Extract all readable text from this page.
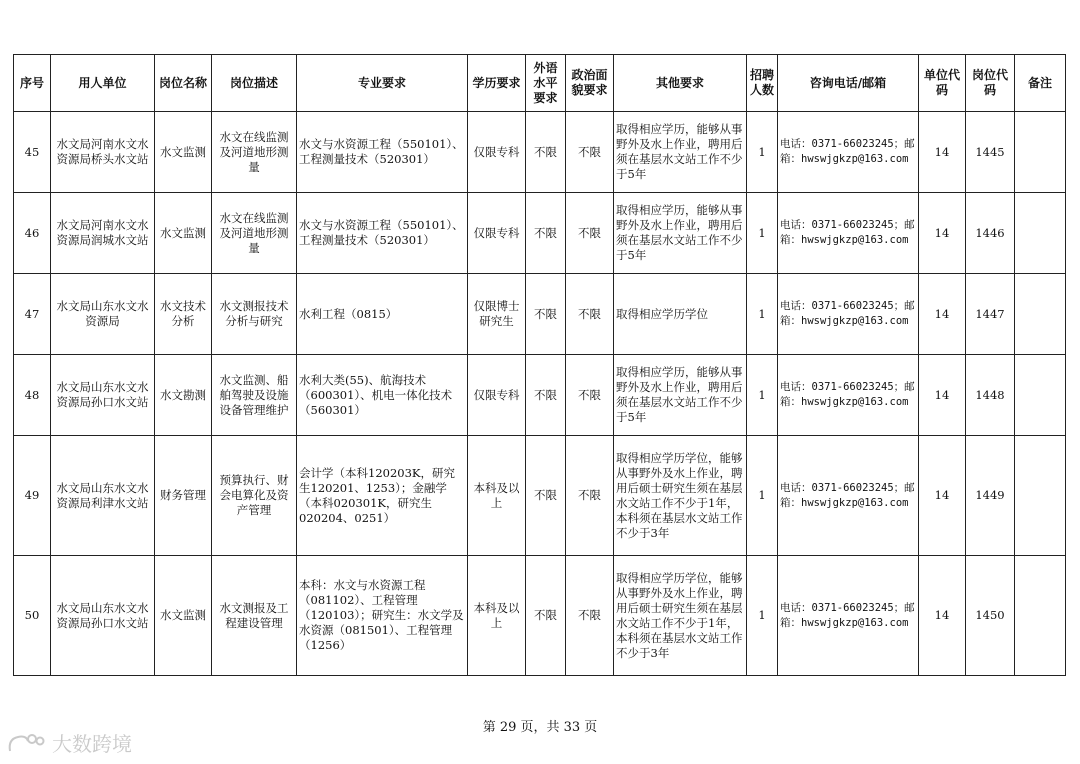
序号	用人单位	岗位名称	岗位描述	专业要求	学历要求	外语水平要求	政治面貌要求	其他要求	招聘人数	咨询电话/邮箱	单位代码	岗位代码	备注
45	水文局河南水文水资源局桥头水文站	水文监测	水文在线监测及河道地形测量	水文与水资源工程（550101）、工程测量技术（520301）	仅限专科	不限	不限	取得相应学历，能够从事野外及水上作业，聘用后须在基层水文站工作不少于5年	1	电话：0371-66023245；邮箱：hwswjgkzp@163.com	14	1445	
46	水文局河南水文水资源局润城水文站	水文监测	水文在线监测及河道地形测量	水文与水资源工程（550101）、工程测量技术（520301）	仅限专科	不限	不限	取得相应学历，能够从事野外及水上作业，聘用后须在基层水文站工作不少于5年	1	电话：0371-66023245；邮箱：hwswjgkzp@163.com	14	1446	
47	水文局山东水文水资源局	水文技术分析	水文测报技术分析与研究	水利工程（0815）	仅限博士研究生	不限	不限	取得相应学历学位	1	电话：0371-66023245；邮箱：hwswjgkzp@163.com	14	1447	
48	水文局山东水文水资源局孙口水文站	水文勘测	水文监测、船舶驾驶及设施设备管理维护	水利大类(55)、航海技术（600301）、机电一体化技术（560301）	仅限专科	不限	不限	取得相应学历，能够从事野外及水上作业，聘用后须在基层水文站工作不少于5年	1	电话：0371-66023245；邮箱：hwswjgkzp@163.com	14	1448	
49	水文局山东水文水资源局利津水文站	财务管理	预算执行、财会电算化及资产管理	会计学（本科120203K，研究生120201、1253）；金融学（本科020301K，研究生020204、0251）	本科及以上	不限	不限	取得相应学历学位，能够从事野外及水上作业，聘用后硕士研究生须在基层水文站工作不少于1年，本科须在基层水文站工作不少于3年	1	电话：0371-66023245；邮箱：hwswjgkzp@163.com	14	1449	
50	水文局山东水文水资源局孙口水文站	水文监测	水文测报及工程建设管理	本科：水文与水资源工程（081102）、工程管理（120103）；研究生：水文学及水资源（081501）、工程管理（1256）	本科及以上	不限	不限	取得相应学历学位，能够从事野外及水上作业，聘用后硕士研究生须在基层水文站工作不少于1年，本科须在基层水文站工作不少于3年	1	电话：0371-66023245；邮箱：hwswjgkzp@163.com	14	1450	
第 29 页，共 33 页
大数跨境
